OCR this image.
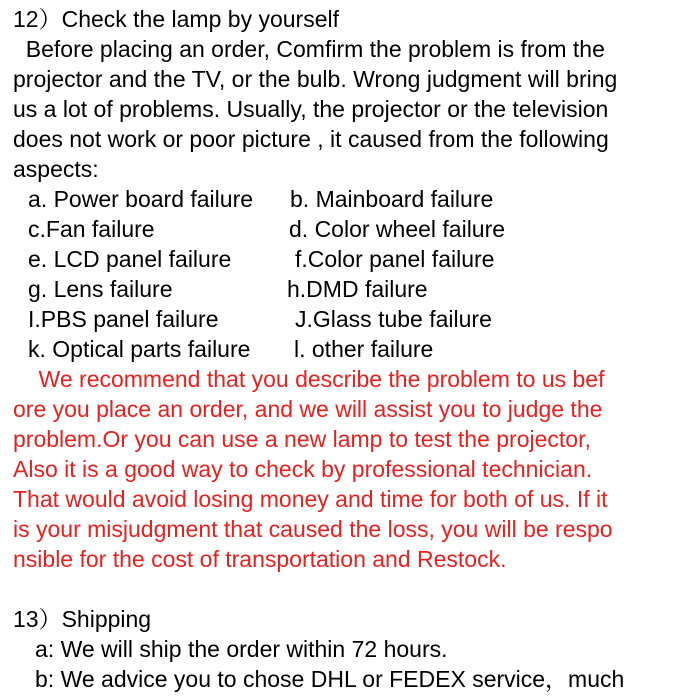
12）Check the lamp by yourself
Before placing an order, Comfirm the problem is from the
projector and the TV, or the bulb. Wrong judgment will bring
us a lot of problems. Usually, the projector or the television
does not work or poor picture , it caused from the following
aspects:
a. Power board failure b. Mainboard failure
c.Fan failure	d. Color wheel failure
e. LCD panel failure	f.Color panel failure
g. Lens failure	h.DMD failure
I.PBS panel failure	J.Glass tube failure
k. Optical parts failure l. other failure
We recommend that you describe the problem to us bef
ore you place an order, and we will assist you to judge the
problem.Or you can use a new lamp to test the projector,
Also it is a good way to check by professional technician.
That would avoid losing money and time for both of us. If it
is your misjudgment that caused the loss, you will be respo
nsible for the cost of transportation and Restock.
13）Shipping
a: We will ship the order within 72 hours.
b: We advice you to chose DHL or FEDEX service，much
